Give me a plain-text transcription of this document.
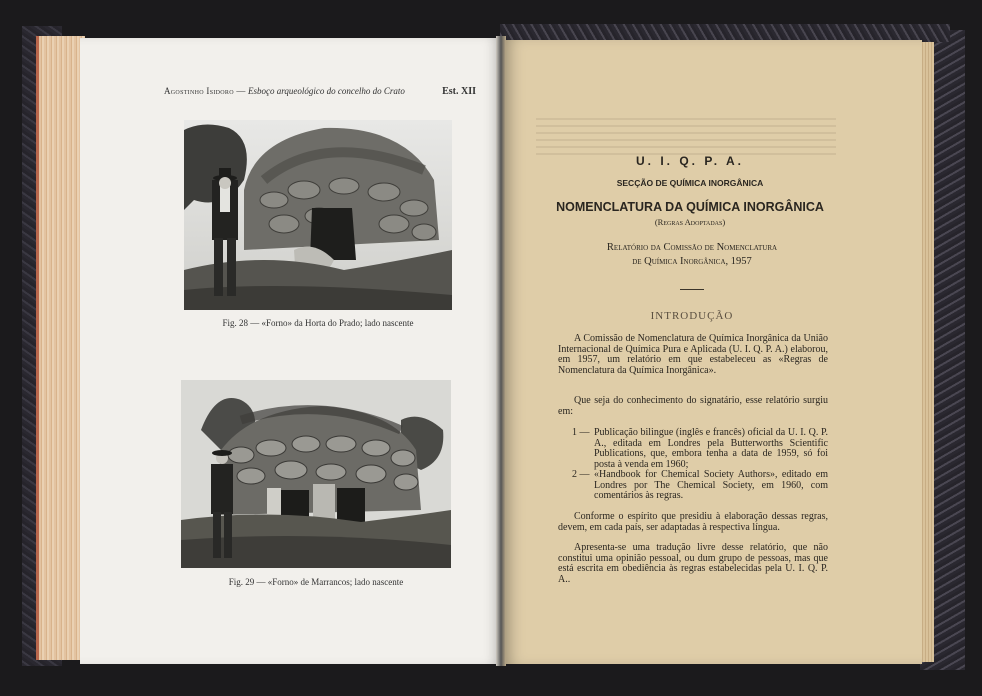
Agostinho Isidoro — Esboço arqueológico do concelho do Crato	Est. XII
Fig. 28 — «Forno» da Horta do Prado; lado nascente
Fig. 29 — «Forno» de Marrancos; lado nascente
U. I. Q. P. A.
SECÇÃO DE QUÍMICA INORGÂNICA
NOMENCLATURA DA QUÍMICA INORGÂNICA
(Regras Adoptadas)
Relatório da Comissão de Nomenclatura
de Química Inorgânica, 1957
INTRODUÇÃO
A Comissão de Nomenclatura de Química Inorgânica da União Internacional de Química Pura e Aplicada (U. I. Q. P. A.) elaborou, em 1957, um relatório em que estabeleceu as «Regras de Nomenclatura da Química Inorgânica».
Que seja do conhecimento do signatário, esse relatório surgiu em:
1 — Publicação bilingue (inglês e francês) oficial da U. I. Q. P. A., editada em Londres pela Butterworths Scientific Publications, que, embora tenha a data de 1959, só foi posta à venda em 1960;
2 — «Handbook for Chemical Society Authors», editado em Londres por The Chemical Society, em 1960, com comentários às regras.
Conforme o espírito que presidiu à elaboração dessas regras, devem, em cada país, ser adaptadas à respectiva língua.
Apresenta-se uma tradução livre desse relatório, que não constitui uma opinião pessoal, ou dum grupo de pessoas, mas que está escrita em obediência às regras estabelecidas pela U. I. Q. P. A..
